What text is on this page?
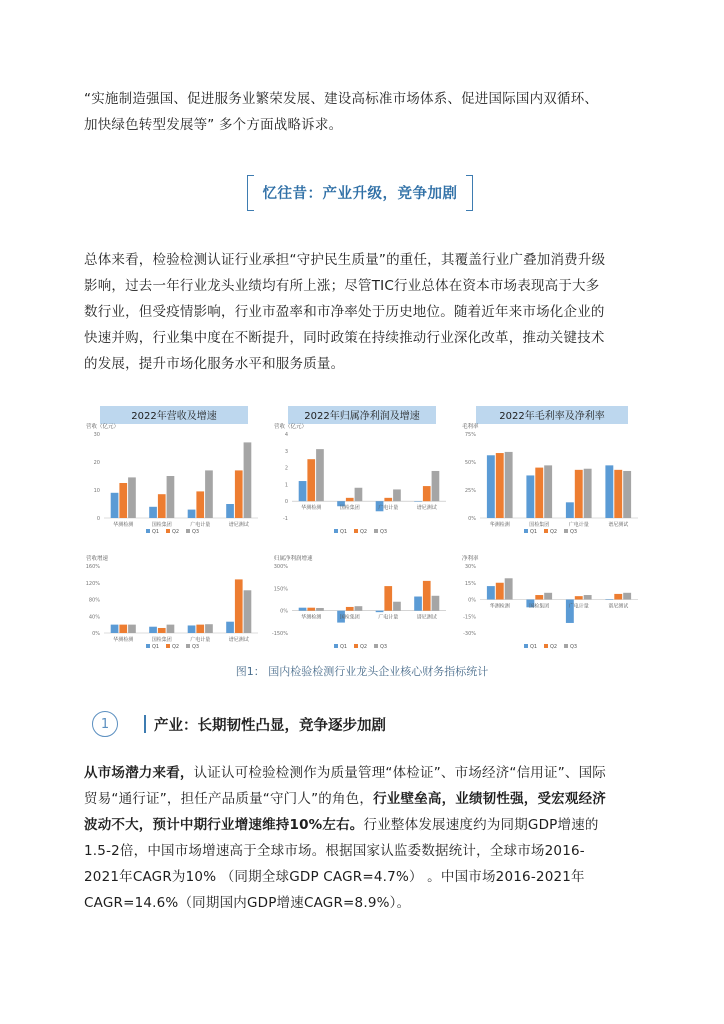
“实施制造强国、促进服务业繁荣发展、建设高标准市场体系、促进国际国内双循环、
加快绿色转型发展等” 多个方面战略诉求。
忆往昔：产业升级，竞争加剧
总体来看，检验检测认证行业承担“守护民生质量”的重任，其覆盖行业广叠加消费升级
影响，过去一年行业龙头业绩均有所上涨；尽管TIC行业总体在资本市场表现高于大多
数行业，但受疫情影响，行业市盈率和市净率处于历史地位。随着近年来市场化企业的
快速并购，行业集中度在不断提升，同时政策在持续推动行业深化改革，推动关键技术
的发展，提升市场化服务水平和服务质量。
2022年营收及增速
营收（亿元）
0
10
20
30
华测检测	国检集团	广电计量	谱尼测试
Q1	Q2	Q3
2022年归属净利润及增速
营收（亿元）
-1
0
1
2
3
4
华测检测	国检集团	广电计量	谱尼测试
Q1	Q2	Q3
2022年毛利率及净利率
毛利率
0%
25%
50%
75%
华测检测	国检集团	广电计量	谱尼测试
Q1	Q2	Q3
营收增速
0%
40%
80%
120%
160%
华测检测	国检集团	广电计量	谱尼测试
Q1	Q2	Q3
归属净利润增速
-150%
0%
150%
300%
华测检测	国检集团	广电计量	谱尼测试
Q1	Q2	Q3
净利率
-30%
-15%
0%
15%
30%
华测检测	国检集团	广电计量	谱尼测试
Q1	Q2	Q3
图1： 国内检验检测行业龙头企业核心财务指标统计
1	产业：长期韧性凸显，竞争逐步加剧
从市场潜力来看，认证认可检验检测作为质量管理“体检证”、市场经济“信用证”、国际
贸易“通行证”，担任产品质量“守门人”的角色，行业壁垒高，业绩韧性强，受宏观经济
波动不大，预计中期行业增速维持10%左右。行业整体发展速度约为同期GDP增速的
1.5-2倍，中国市场增速高于全球市场。根据国家认监委数据统计，全球市场2016-
2021年CAGR为10% （同期全球GDP CAGR=4.7%） 。中国市场2016-2021年
CAGR=14.6%（同期国内GDP增速CAGR=8.9%）。
